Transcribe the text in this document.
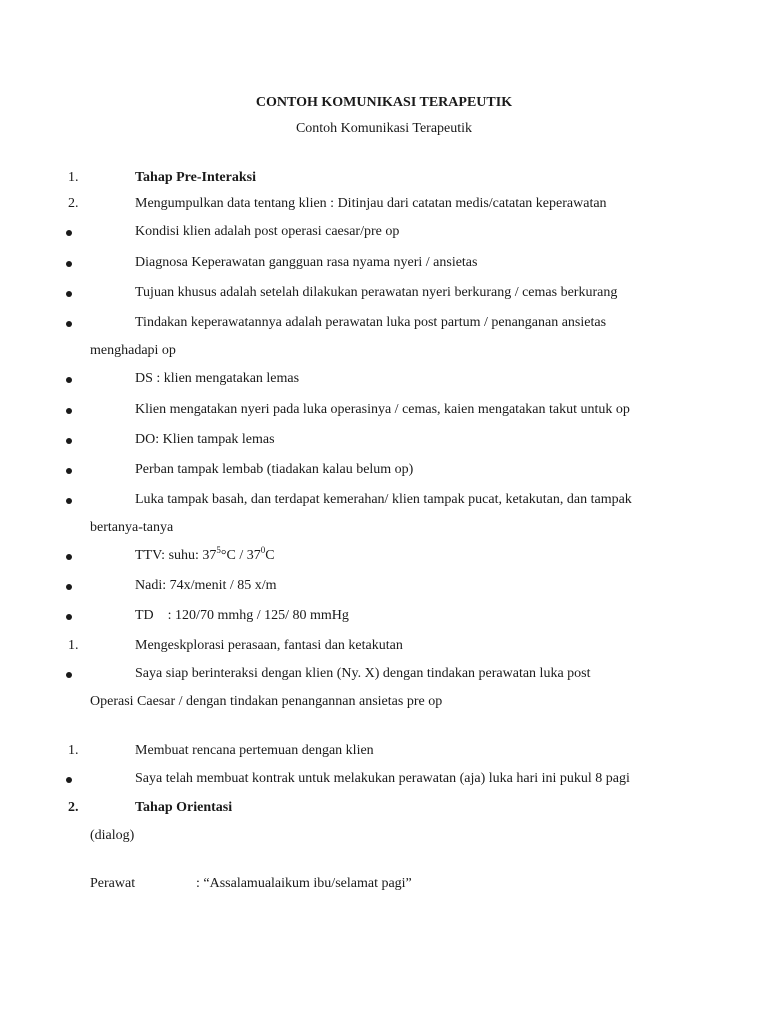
CONTOH KOMUNIKASI TERAPEUTIK
Contoh Komunikasi Terapeutik
1.	Tahap Pre-Interaksi
2.	Mengumpulkan data tentang klien : Ditinjau dari catatan medis/catatan keperawatan
Kondisi klien adalah post operasi caesar/pre op
Diagnosa Keperawatan gangguan rasa nyama nyeri / ansietas
Tujuan khusus adalah setelah dilakukan perawatan nyeri berkurang / cemas berkurang
Tindakan keperawatannya adalah perawatan luka post partum / penanganan ansietas
menghadapi op
DS : klien mengatakan lemas
Klien mengatakan nyeri pada luka operasinya / cemas, kaien mengatakan takut untuk op
DO: Klien tampak lemas
Perban tampak lembab (tiadakan kalau belum op)
Luka tampak basah, dan terdapat kemerahan/ klien tampak pucat, ketakutan, dan tampak
bertanya-tanya
TTV: suhu: $37^5^\circ C / 37^0C$
Nadi: 74x/menit / 85 x/m
TD    : 120/70 mmhg / 125/ 80 mmHg
1.	Mengeskplorasi perasaan, fantasi dan ketakutan
Saya siap berinteraksi dengan klien (Ny. X) dengan tindakan perawatan luka post
Operasi Caesar / dengan tindakan penangannan ansietas pre op
1.	Membuat rencana pertemuan dengan klien
Saya telah membuat kontrak untuk melakukan perawatan (aja) luka hari ini pukul 8 pagi
2.	Tahap Orientasi
(dialog)
Perawat	: “Assalamualaikum ibu/selamat pagi”
